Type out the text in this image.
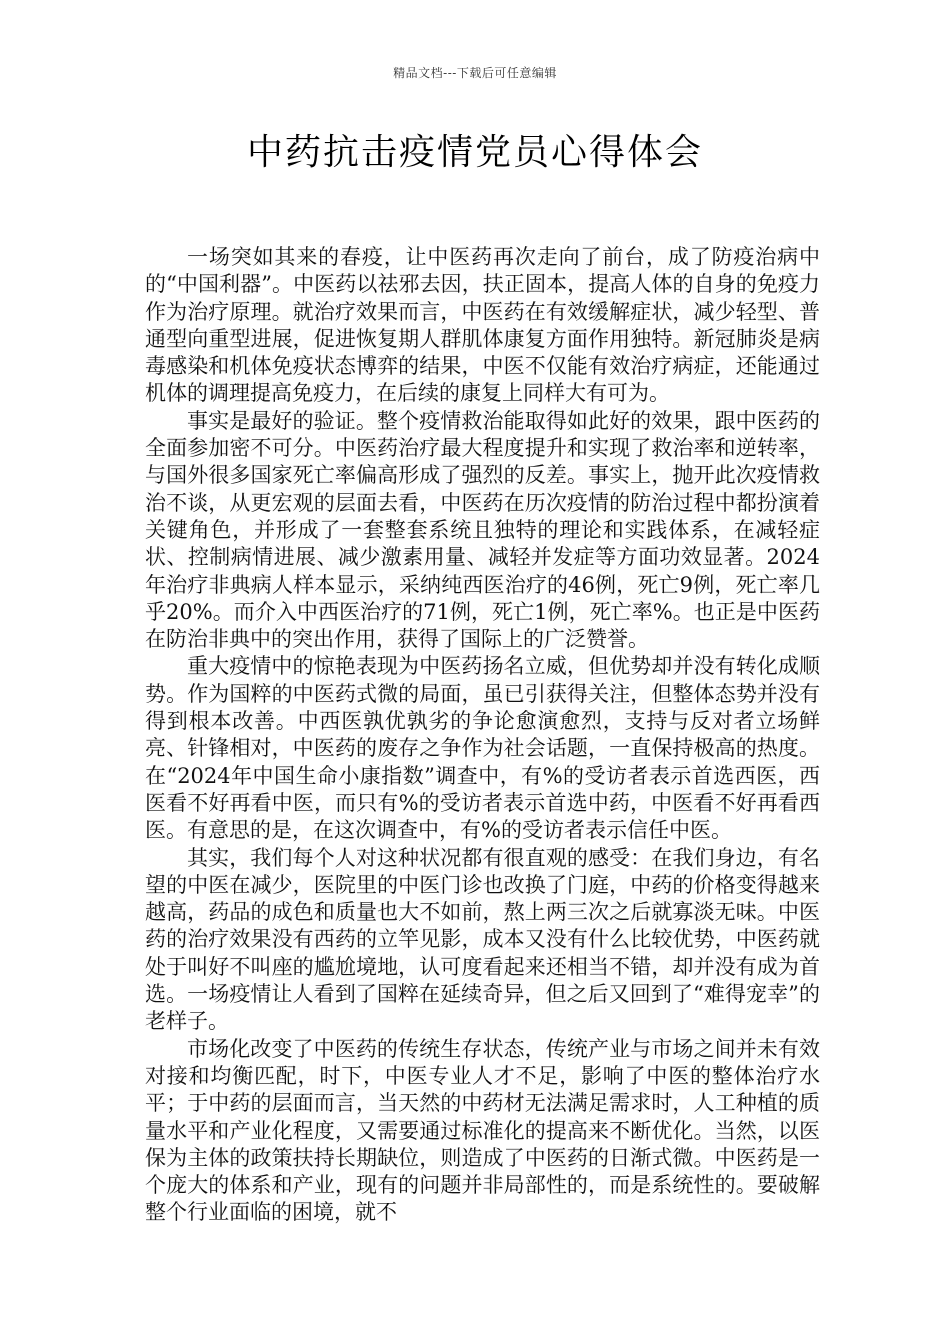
精品文档---下载后可任意编辑
中药抗击疫情党员心得体会

一场突如其来的春疫，让中医药再次走向了前台，成了防疫治病中的“中国利器”。中医药以祛邪去因，扶正固本，提高人体的自身的免疫力作为治疗原理。就治疗效果而言，中医药在有效缓解症状，减少轻型、普通型向重型进展，促进恢复期人群肌体康复方面作用独特。新冠肺炎是病毒感染和机体免疫状态博弈的结果，中医不仅能有效治疗病症，还能通过机体的调理提高免疫力，在后续的康复上同样大有可为。

事实是最好的验证。整个疫情救治能取得如此好的效果，跟中医药的全面参加密不可分。中医药治疗最大程度提升和实现了救治率和逆转率，与国外很多国家死亡率偏高形成了强烈的反差。事实上，抛开此次疫情救治不谈，从更宏观的层面去看，中医药在历次疫情的防治过程中都扮演着关键角色，并形成了一套整套系统且独特的理论和实践体系，在减轻症状、控制病情进展、减少激素用量、减轻并发症等方面功效显著。2024年治疗非典病人样本显示，采纳纯西医治疗的46例，死亡9例，死亡率几乎20%。而介入中西医治疗的71例，死亡1例，死亡率%。也正是中医药在防治非典中的突出作用，获得了国际上的广泛赞誉。

重大疫情中的惊艳表现为中医药扬名立威，但优势却并没有转化成顺势。作为国粹的中医药式微的局面，虽已引获得关注，但整体态势并没有得到根本改善。中西医孰优孰劣的争论愈演愈烈，支持与反对者立场鲜亮、针锋相对，中医药的废存之争作为社会话题，一直保持极高的热度。在“2024年中国生命小康指数”调查中，有%的受访者表示首选西医，西医看不好再看中医，而只有%的受访者表示首选中药，中医看不好再看西医。有意思的是，在这次调查中，有%的受访者表示信任中医。

其实，我们每个人对这种状况都有很直观的感受：在我们身边，有名望的中医在减少，医院里的中医门诊也改换了门庭，中药的价格变得越来越高，药品的成色和质量也大不如前，熬上两三次之后就寡淡无味。中医药的治疗效果没有西药的立竿见影，成本又没有什么比较优势，中医药就处于叫好不叫座的尴尬境地，认可度看起来还相当不错，却并没有成为首选。一场疫情让人看到了国粹在延续奇异，但之后又回到了“难得宠幸”的老样子。

市场化改变了中医药的传统生存状态，传统产业与市场之间并未有效对接和均衡匹配，时下，中医专业人才不足，影响了中医的整体治疗水平；于中药的层面而言，当天然的中药材无法满足需求时，人工种植的质量水平和产业化程度，又需要通过标准化的提高来不断优化。当然，以医保为主体的政策扶持长期缺位，则造成了中医药的日渐式微。中医药是一个庞大的体系和产业，现有的问题并非局部性的，而是系统性的。要破解整个行业面临的困境，就不
